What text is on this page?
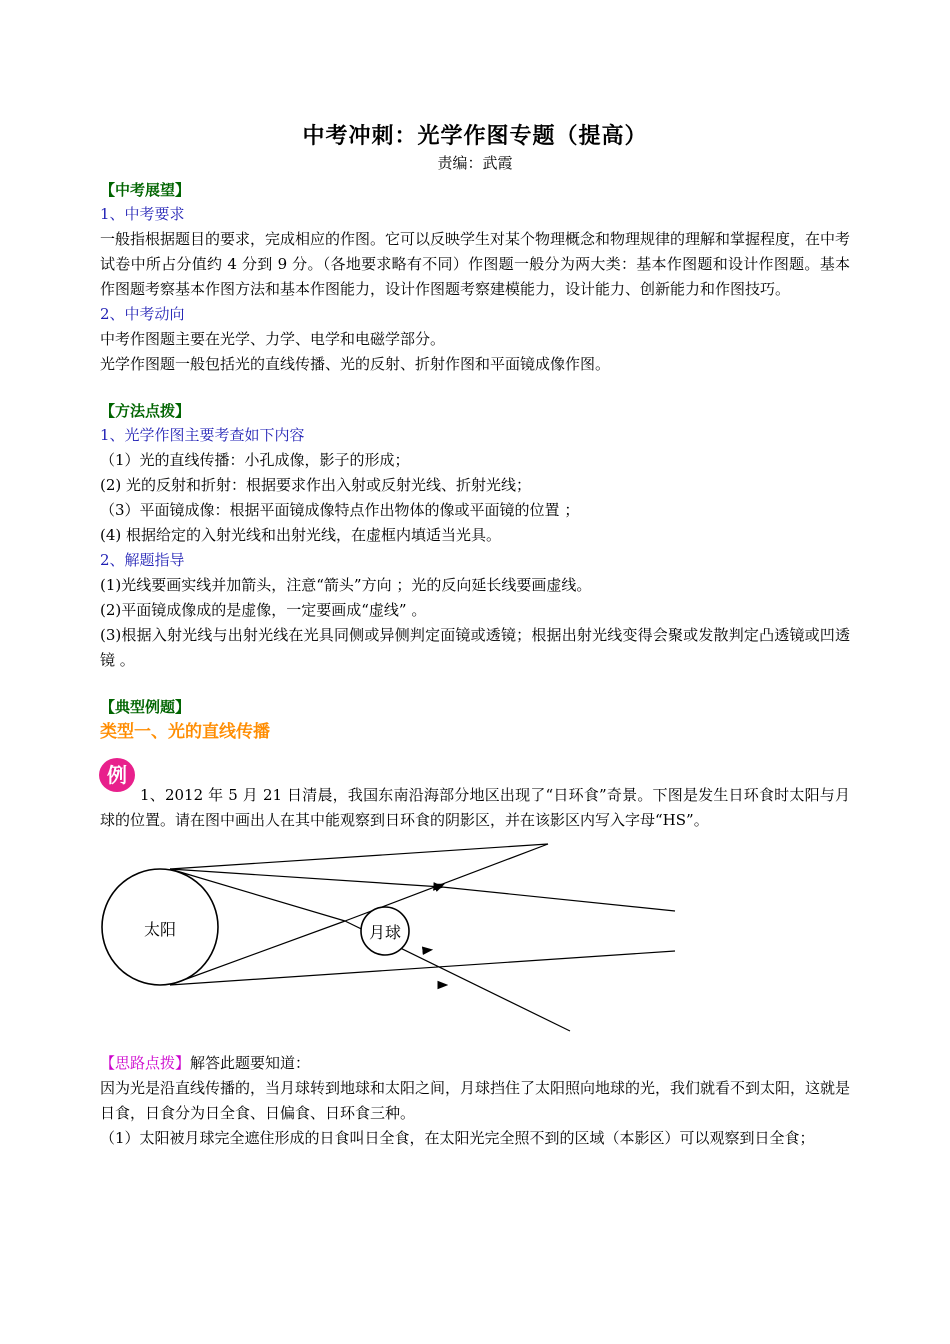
中考冲刺：光学作图专题（提高）

责编：武霞

【中考展望】

1、中考要求

一般指根据题目的要求，完成相应的作图。它可以反映学生对某个物理概念和物理规律的理解和掌握程度，在中考试卷中所占分值约 4 分到 9 分。（各地要求略有不同）作图题一般分为两大类：基本作图题和设计作图题。基本作图题考察基本作图方法和基本作图能力，设计作图题考察建模能力，设计能力、创新能力和作图技巧。

2、中考动向

中考作图题主要在光学、力学、电学和电磁学部分。

光学作图题一般包括光的直线传播、光的反射、折射作图和平面镜成像作图。

【方法点拨】

1、光学作图主要考查如下内容

（1）光的直线传播：小孔成像，影子的形成；

(2) 光的反射和折射：根据要求作出入射或反射光线、折射光线；

（3）平面镜成像：根据平面镜成像特点作出物体的像或平面镜的位置 ；

(4) 根据给定的入射光线和出射光线，在虚框内填适当光具。

2、解题指导

(1)光线要画实线并加箭头，注意“箭头”方向 ；光的反向延长线要画虚线。

(2)平面镜成像成的是虚像，一定要画成“虚线” 。

(3)根据入射光线与出射光线在光具同侧或异侧判定面镜或透镜；根据出射光线变得会聚或发散判定凸透镜或凹透镜 。

【典型例题】

类型一、光的直线传播

例

1、2012 年 5 月 21 日清晨，我国东南沿海部分地区出现了“日环食”奇景。下图是发生日环食时太阳与月球的位置。请在图中画出人在其中能观察到日环食的阴影区，并在该影区内写入字母“HS”。

太阳	月球

【思路点拨】解答此题要知道：

因为光是沿直线传播的，当月球转到地球和太阳之间，月球挡住了太阳照向地球的光，我们就看不到太阳，这就是日食，日食分为日全食、日偏食、日环食三种。

（1）太阳被月球完全遮住形成的日食叫日全食，在太阳光完全照不到的区域（本影区）可以观察到日全食；
